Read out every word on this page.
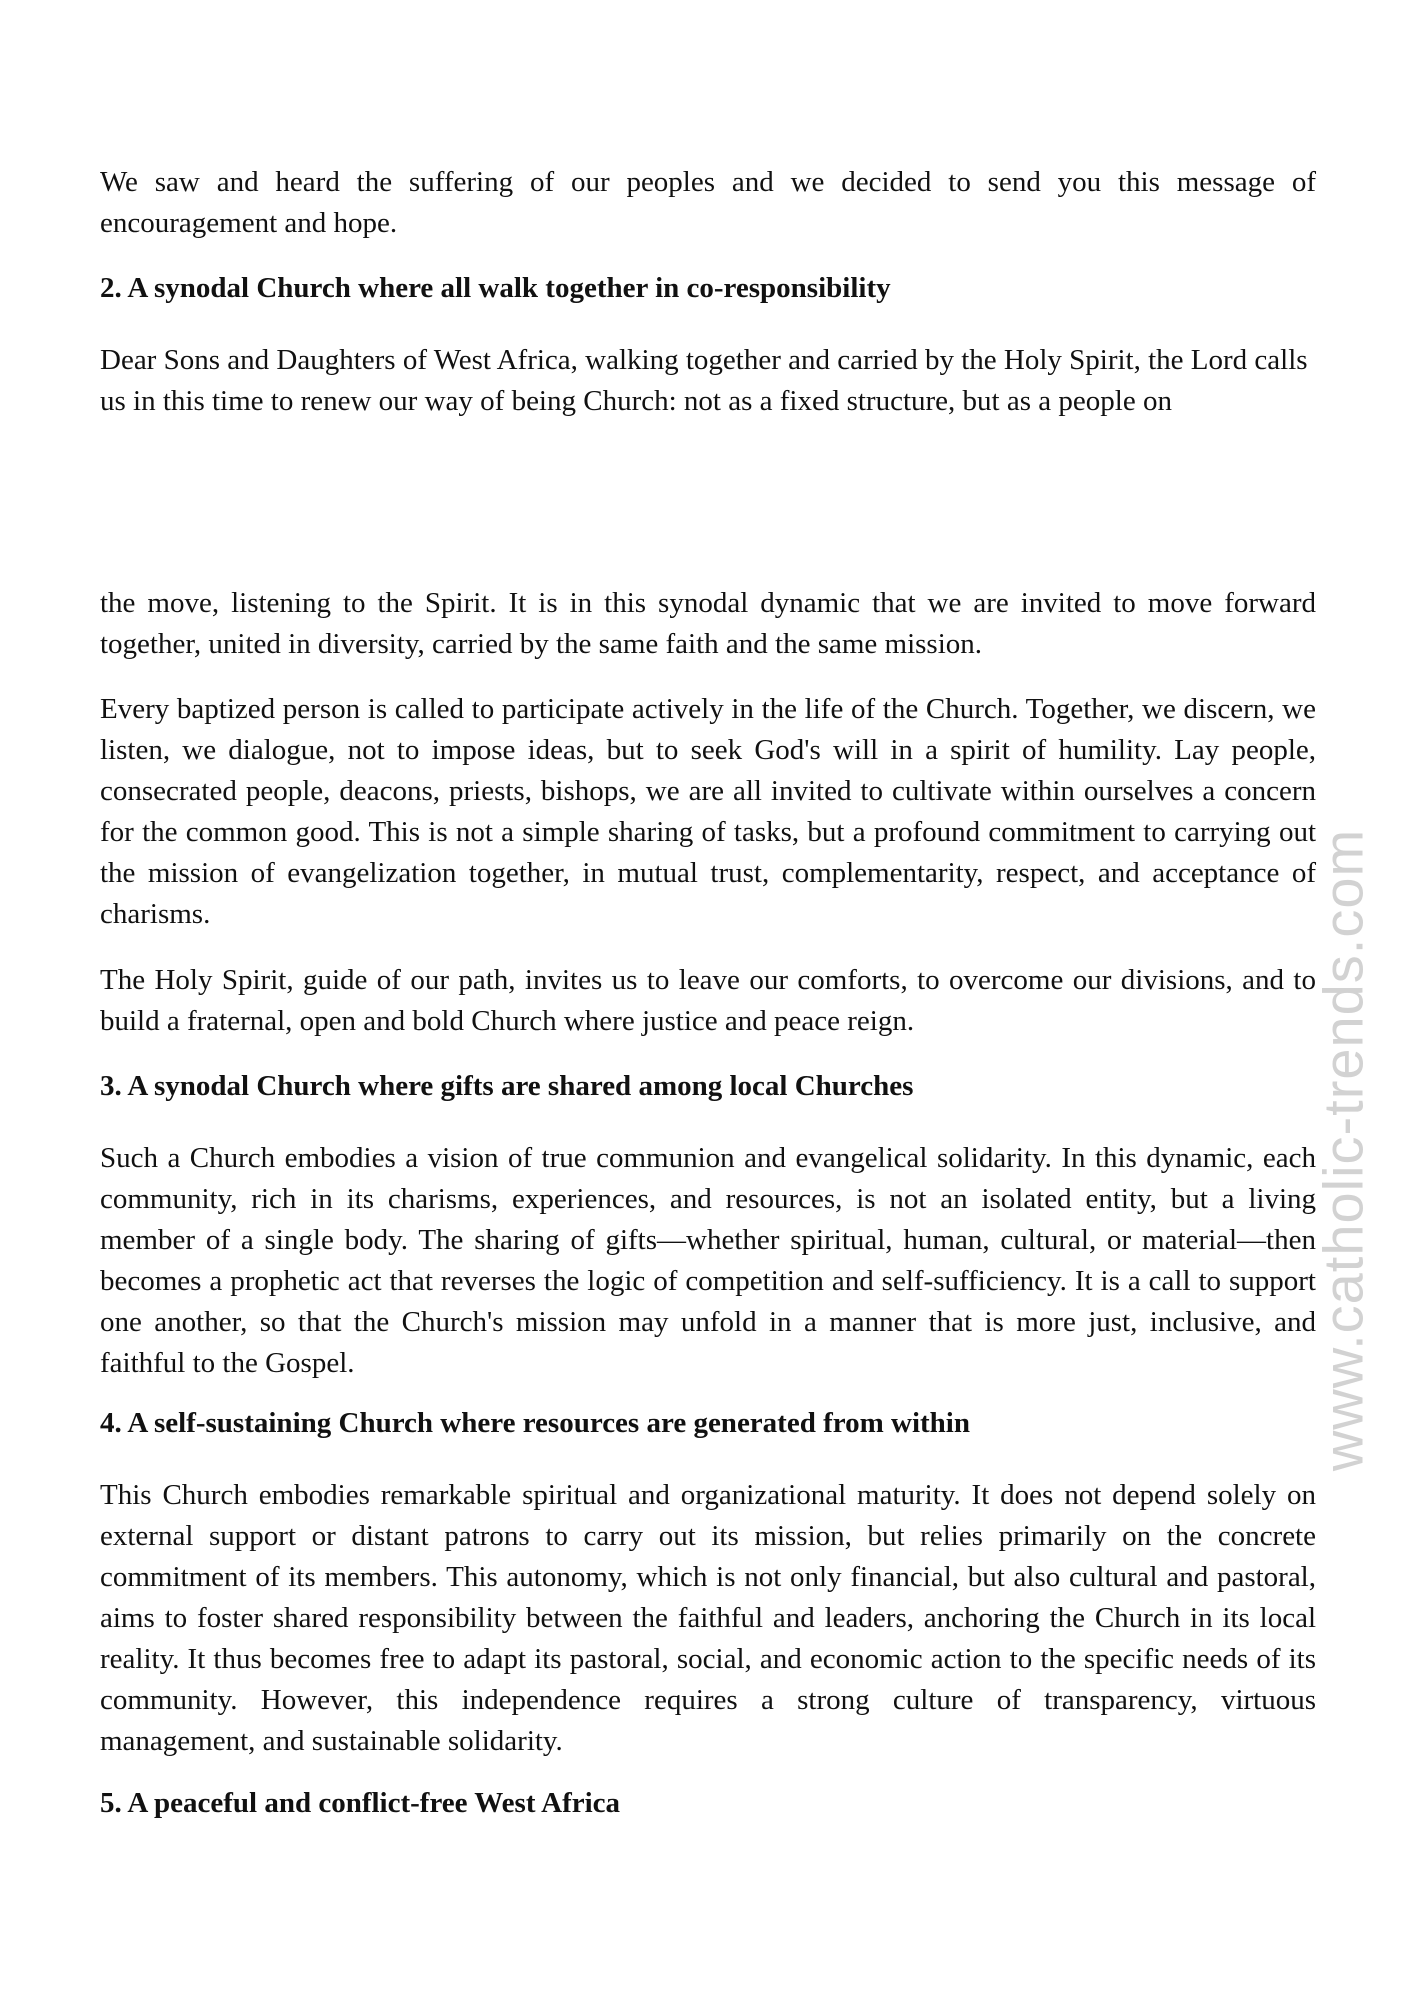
We saw and heard the suffering of our peoples and we decided to send you this message of encouragement and hope.

2. A synodal Church where all walk together in co-responsibility

Dear Sons and Daughters of West Africa, walking together and carried by the Holy Spirit, the Lord calls us in this time to renew our way of being Church: not as a fixed structure, but as a people on

the move, listening to the Spirit. It is in this synodal dynamic that we are invited to move forward together, united in diversity, carried by the same faith and the same mission.

Every baptized person is called to participate actively in the life of the Church. Together, we discern, we listen, we dialogue, not to impose ideas, but to seek God's will in a spirit of humility. Lay people, consecrated people, deacons, priests, bishops, we are all invited to cultivate within ourselves a concern for the common good. This is not a simple sharing of tasks, but a profound commitment to carrying out the mission of evangelization together, in mutual trust, complementarity, respect, and acceptance of charisms.

The Holy Spirit, guide of our path, invites us to leave our comforts, to overcome our divisions, and to build a fraternal, open and bold Church where justice and peace reign.

3. A synodal Church where gifts are shared among local Churches

Such a Church embodies a vision of true communion and evangelical solidarity. In this dynamic, each community, rich in its charisms, experiences, and resources, is not an isolated entity, but a living member of a single body. The sharing of gifts—whether spiritual, human, cultural, or material—then becomes a prophetic act that reverses the logic of competition and self-sufficiency. It is a call to support one another, so that the Church's mission may unfold in a manner that is more just, inclusive, and faithful to the Gospel.

4. A self-sustaining Church where resources are generated from within

This Church embodies remarkable spiritual and organizational maturity. It does not depend solely on external support or distant patrons to carry out its mission, but relies primarily on the concrete commitment of its members. This autonomy, which is not only financial, but also cultural and pastoral, aims to foster shared responsibility between the faithful and leaders, anchoring the Church in its local reality. It thus becomes free to adapt its pastoral, social, and economic action to the specific needs of its community. However, this independence requires a strong culture of transparency, virtuous management, and sustainable solidarity.

5. A peaceful and conflict-free West Africa

www.catholic-trends.com
